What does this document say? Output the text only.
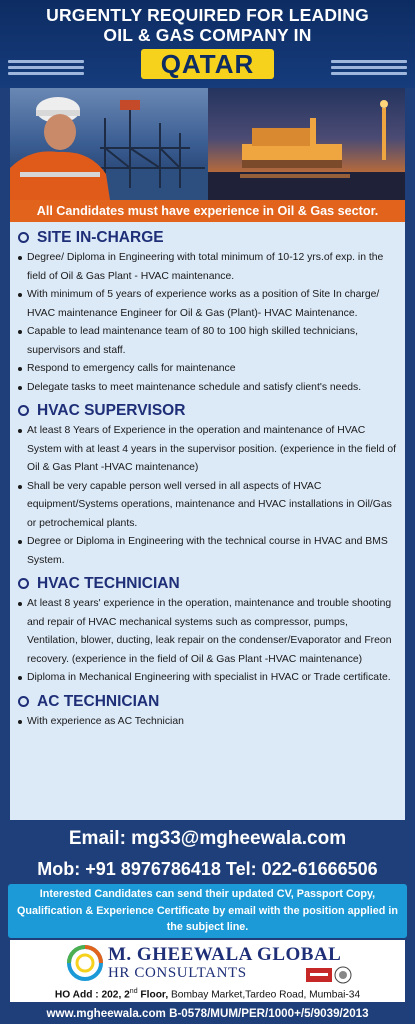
URGENTLY REQUIRED FOR LEADING
OIL & GAS COMPANY IN
QATAR
All Candidates must have experience in Oil & Gas sector.
SITE IN-CHARGE
Degree/ Diploma in Engineering with total minimum of 10-12 yrs.of exp. in the field of Oil & Gas Plant - HVAC maintenance.
With minimum of 5 years of experience works as a position of Site In charge/ HVAC maintenance Engineer for Oil & Gas (Plant)- HVAC Maintenance.
Capable to lead maintenance team of 80 to 100 high skilled technicians, supervisors and staff.
Respond to emergency calls for maintenance
Delegate tasks to meet maintenance schedule and satisfy client's needs.
HVAC SUPERVISOR
At least 8 Years of Experience in the operation and maintenance of HVAC System with at least 4 years in the supervisor position. (experience in the field of Oil & Gas Plant -HVAC maintenance)
Shall be very capable person well versed in all aspects of HVAC equipment/Systems operations, maintenance and HVAC installations in Oil/Gas or petrochemical plants.
Degree or Diploma in Engineering with the technical course in HVAC and BMS System.
HVAC TECHNICIAN
At least 8 years' experience in the operation, maintenance and trouble shooting and repair of HVAC mechanical systems such as compressor, pumps, Ventilation, blower, ducting, leak repair on the condenser/Evaporator and Freon recovery. (experience in the field of Oil & Gas Plant -HVAC maintenance)
Diploma in Mechanical Engineering with specialist in HVAC or Trade certificate.
AC TECHNICIAN
With experience as AC Technician
Email: mg33@mgheewala.com
Mob: +91 8976786418 Tel: 022-61666506
Interested Candidates can send their updated CV, Passport Copy, Qualification & Experience Certificate by email with the position applied in the subject line.
M. GHEEWALA GLOBAL
HR CONSULTANTS
HO Add : 202, 2nd Floor, Bombay Market,Tardeo Road, Mumbai-34
www.mgheewala.com B-0578/MUM/PER/1000+/5/9039/2013
